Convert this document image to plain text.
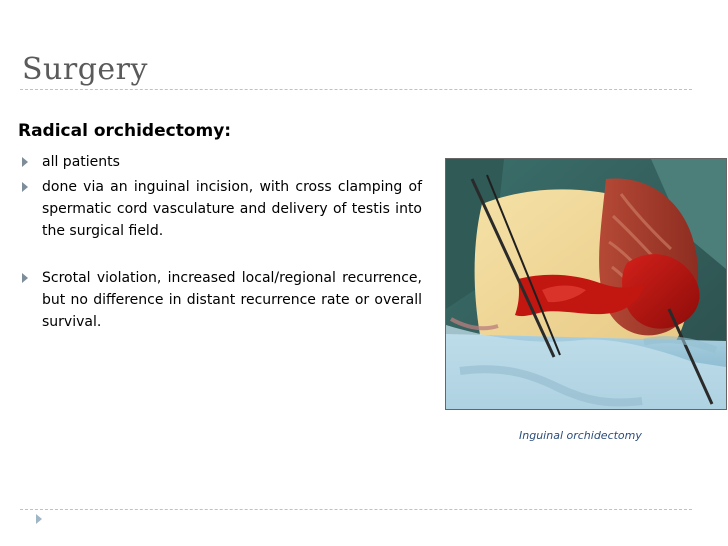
Surgery
Radical orchidectomy:
all patients
done via an inguinal incision, with cross clamping of spermatic cord vasculature and delivery of testis into the surgical field.
Scrotal violation, increased local/regional recurrence, but no difference in distant recurrence rate or overall survival.
Inguinal orchidectomy
